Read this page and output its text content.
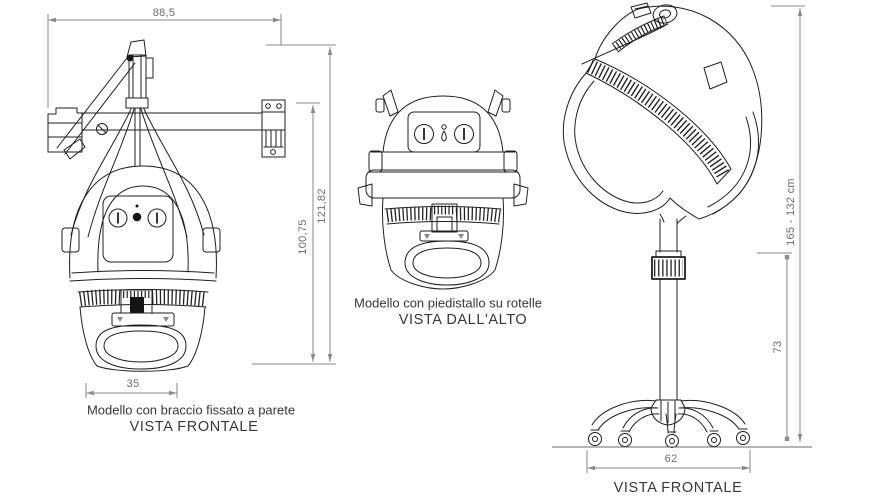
88,5
100,75
121,82
35
Modello con braccio fissato a parete
VISTA FRONTALE
Modello con piedistallo su rotelle
VISTA DALL'ALTO
62
73
165 - 132 cm
VISTA FRONTALE
